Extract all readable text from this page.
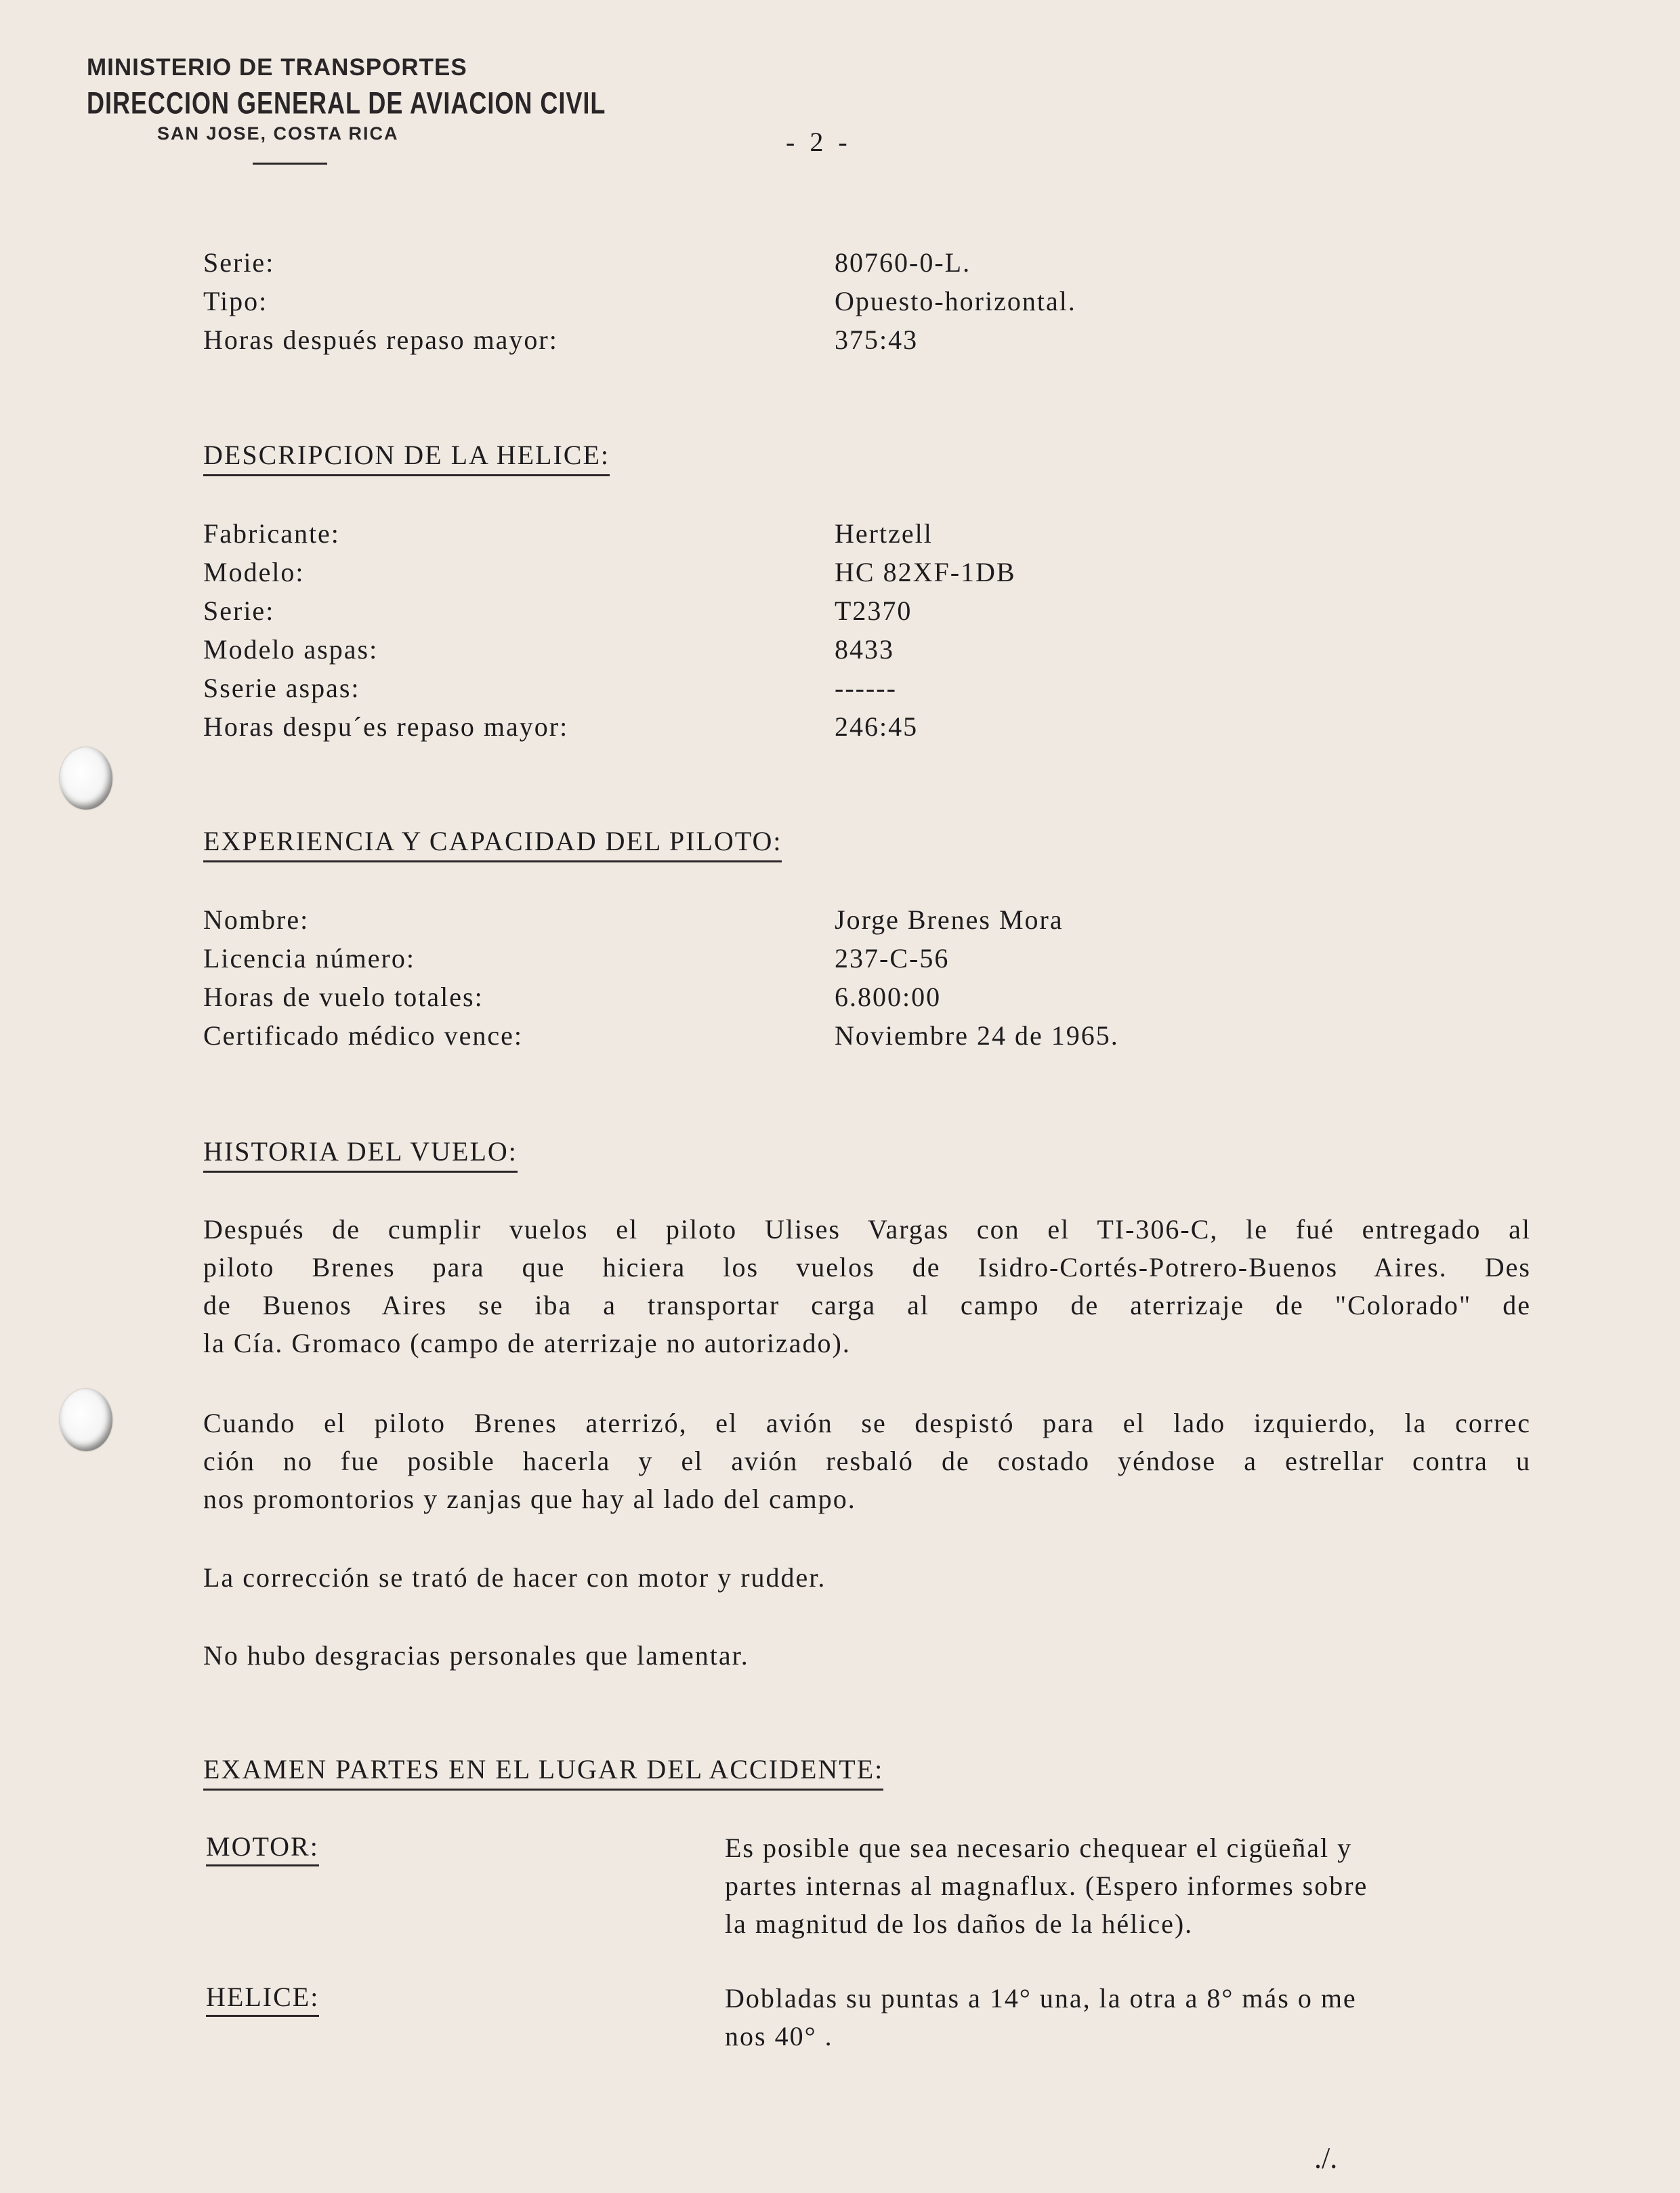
MINISTERIO DE TRANSPORTES
DIRECCION GENERAL DE AVIACION CIVIL
SAN JOSE, COSTA RICA	- 2 -
Serie:	80760-0-L.
Tipo:	Opuesto-horizontal.
Horas después repaso mayor:	375:43
DESCRIPCION DE LA HELICE:
Fabricante:	Hertzell
Modelo:	HC 82XF-1DB
Serie:	T2370
Modelo aspas:	8433
Sserie aspas:	------
Horas despu´es repaso mayor:	246:45
EXPERIENCIA Y CAPACIDAD DEL PILOTO:
Nombre:	Jorge Brenes Mora
Licencia número:	237-C-56
Horas de vuelo totales:	6.800:00
Certificado médico vence:	Noviembre 24 de 1965.
HISTORIA DEL VUELO:
Después de cumplir vuelos el piloto Ulises Vargas con el TI-306-C, le fué entregado al
piloto Brenes para que hiciera los vuelos de Isidro-Cortés-Potrero-Buenos Aires. Des
de Buenos Aires se iba a transportar carga al campo de aterrizaje de "Colorado" de
la Cía. Gromaco (campo de aterrizaje no autorizado).
Cuando el piloto Brenes aterrizó, el avión se despistó para el lado izquierdo, la correc
ción no fue posible hacerla y el avión resbaló de costado yéndose a estrellar contra u
nos promontorios y zanjas que hay al lado del campo.
La corrección se trató de hacer con motor y rudder.
No hubo desgracias personales que lamentar.
EXAMEN PARTES EN EL LUGAR DEL ACCIDENTE:
MOTOR:	Es posible que sea necesario chequear el cigüeñal y
partes internas al magnaflux. (Espero informes sobre
la magnitud de los daños de la hélice).
HELICE:	Dobladas su puntas a 14° una, la otra a 8° más o me
nos 40° .
./.
